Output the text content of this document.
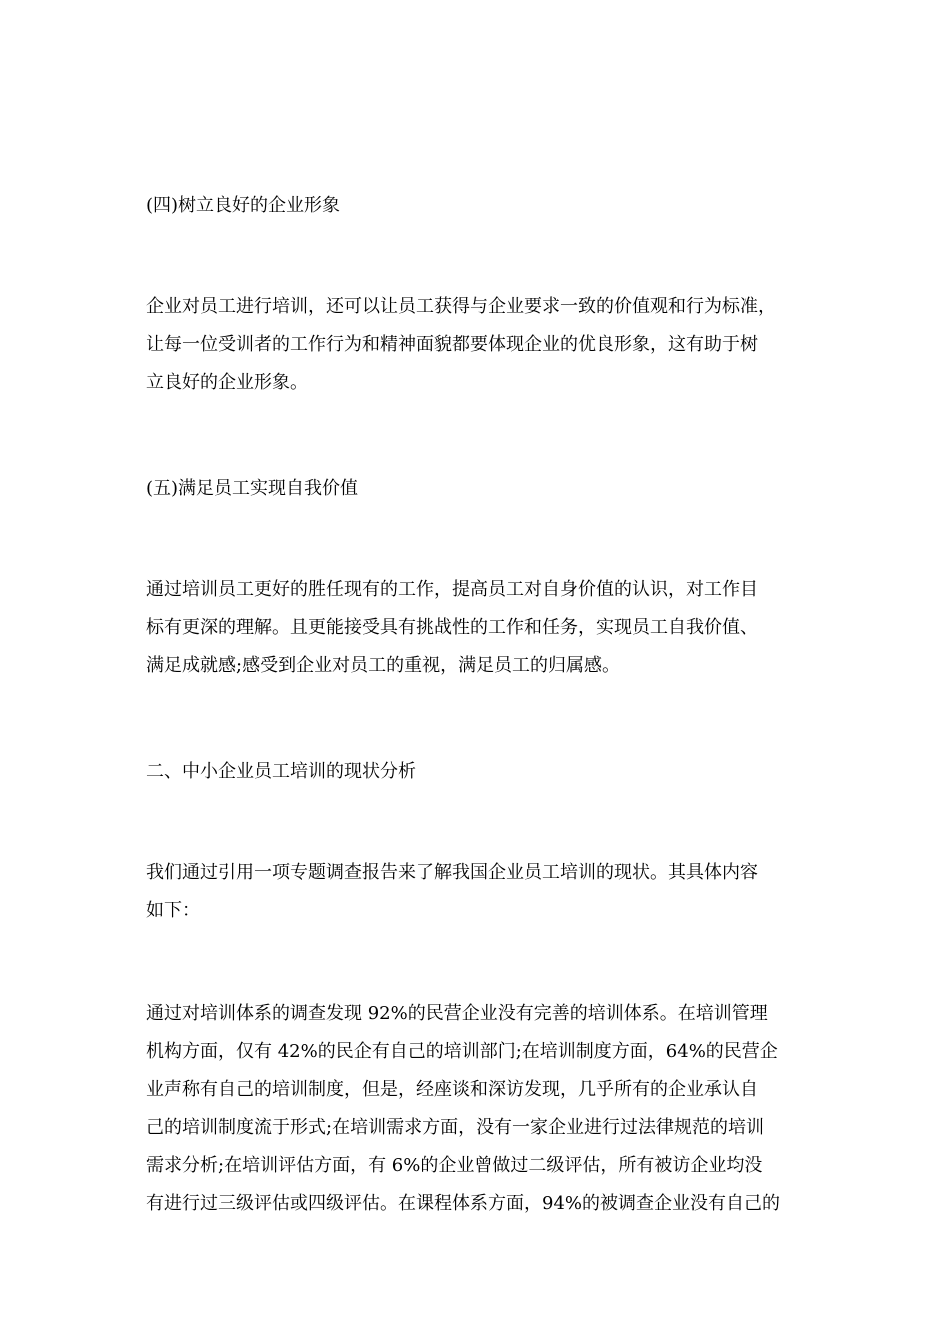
(四)树立良好的企业形象

企业对员工进行培训，还可以让员工获得与企业要求一致的价值观和行为标准，
让每一位受训者的工作行为和精神面貌都要体现企业的优良形象，这有助于树
立良好的企业形象。

(五)满足员工实现自我价值

通过培训员工更好的胜任现有的工作，提高员工对自身价值的认识，对工作目
标有更深的理解。且更能接受具有挑战性的工作和任务，实现员工自我价值、
满足成就感;感受到企业对员工的重视，满足员工的归属感。

二、中小企业员工培训的现状分析

我们通过引用一项专题调查报告来了解我国企业员工培训的现状。其具体内容
如下：
通过对培训体系的调查发现 92%的民营企业没有完善的培训体系。在培训管理
机构方面，仅有 42%的民企有自己的培训部门;在培训制度方面，64%的民营企
业声称有自己的培训制度，但是，经座谈和深访发现，几乎所有的企业承认自
己的培训制度流于形式;在培训需求方面，没有一家企业进行过法律规范的培训
需求分析;在培训评估方面，有 6%的企业曾做过二级评估，所有被访企业均没
有进行过三级评估或四级评估。在课程体系方面，94%的被调查企业没有自己的
